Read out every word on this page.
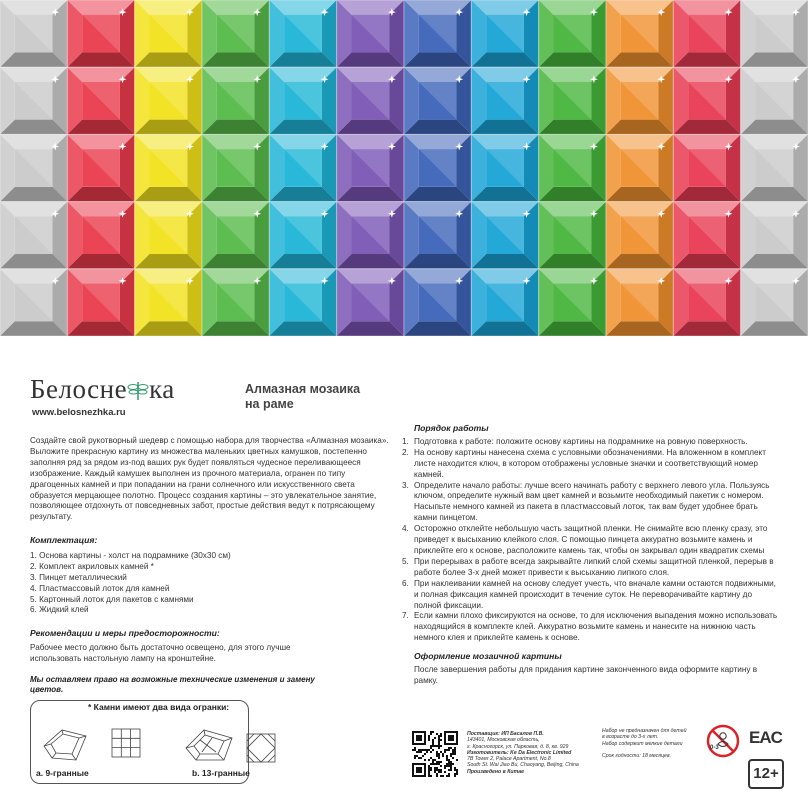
Белосне ка
www.belosnezhka.ru
Алмазная мозаика
на раме
Создайте свой рукотворный шедевр с помощью набора для творчества «Алмазная мозаика». Выложите прекрасную картину из множества маленьких цветных камушков, постепенно заполняя ряд за рядом из-под ваших рук будет появляться чудесное переливающееся изображение. Каждый камушек выполнен из прочного материала, огранен по типу драгоценных камней и при попадании на грани солнечного или искусственного света образуется мерцающее полотно. Процесс создания картины – это увлекательное занятие, позволяющее отдохнуть от повседневных забот, простые действия ведут к потрясающему результату.
Комплектация:
1. Основа картины - холст на подрамнике (30x30 см)
2. Комплект акриловых камней *
3. Пинцет металлический
4. Пластмассовый лоток для камней
5. Картонный лоток для пакетов с камнями
6. Жидкий клей
Рекомендации и меры предосторожности:
Рабочее место должно быть достаточно освещено, для этого лучше использовать настольную лампу на кронштейне.
Мы оставляем право на возможные технические изменения и замену цветов.
* Камни имеют два вида огранки:
a. 9-гранные	b. 13-гранные
Порядок работы
1. Подготовка к работе: положите основу картины на подрамнике на ровную поверхность.
2. На основу картины нанесена схема с условными обозначениями. На вложенном в комплект листе находится ключ, в котором отображены условные значки и соответствующий номер камней.
3. Определите начало работы: лучше всего начинать работу с верхнего левого угла. Пользуясь ключом, определите нужный вам цвет камней и возьмите необходимый пакетик с номером. Насыпьте немного камней из пакета в пластмассовый лоток, так вам будет удобнее брать камни пинцетом.
4. Осторожно отклейте небольшую часть защитной пленки. Не снимайте всю пленку сразу, это приведет к высыханию клейкого слоя. С помощью пинцета аккуратно возьмите камень и приклейте его к основе, расположите камень так, чтобы он закрывал один квадратик схемы
5. При перерывах в работе всегда закрывайте липкий слой схемы защитной пленкой, перерыв в работе более 3-х дней может привести к высыханию липкого слоя.
6. При наклеивании камней на основу следует учесть, что вначале камни остаются подвижными, и полная фиксация камней происходит в течение суток. Не переворачивайте картину до полной фиксации.
7. Если камни плохо фиксируются на основе, то для исключения выпадения можно использовать находящийся в комплекте клей. Аккуратно возьмите камень и нанесите на нижнюю часть немного клея и приклейте камень к основе.
Оформление мозаичной картины
После завершения работы для придания картине законченного вида оформите картину в рамку.
Поставщик: ИП Басалов П.В.
143401, Московская область,
г. Красногорск, ул. Парковая, д. 8, кв. 929
Изготовитель: Ke Da Electronic Limited
7B Tower 2, Palace Apartment, No.8
South St. Wai Jiao Bu, Chaoyang, Beijing, China
Произведено в Китае
Набор не предназначен для детей
в возрасте до 3-х лет.
Набор содержит мелкие детали

Срок годности: 18 месяцев.
0-3
EAC
12+
